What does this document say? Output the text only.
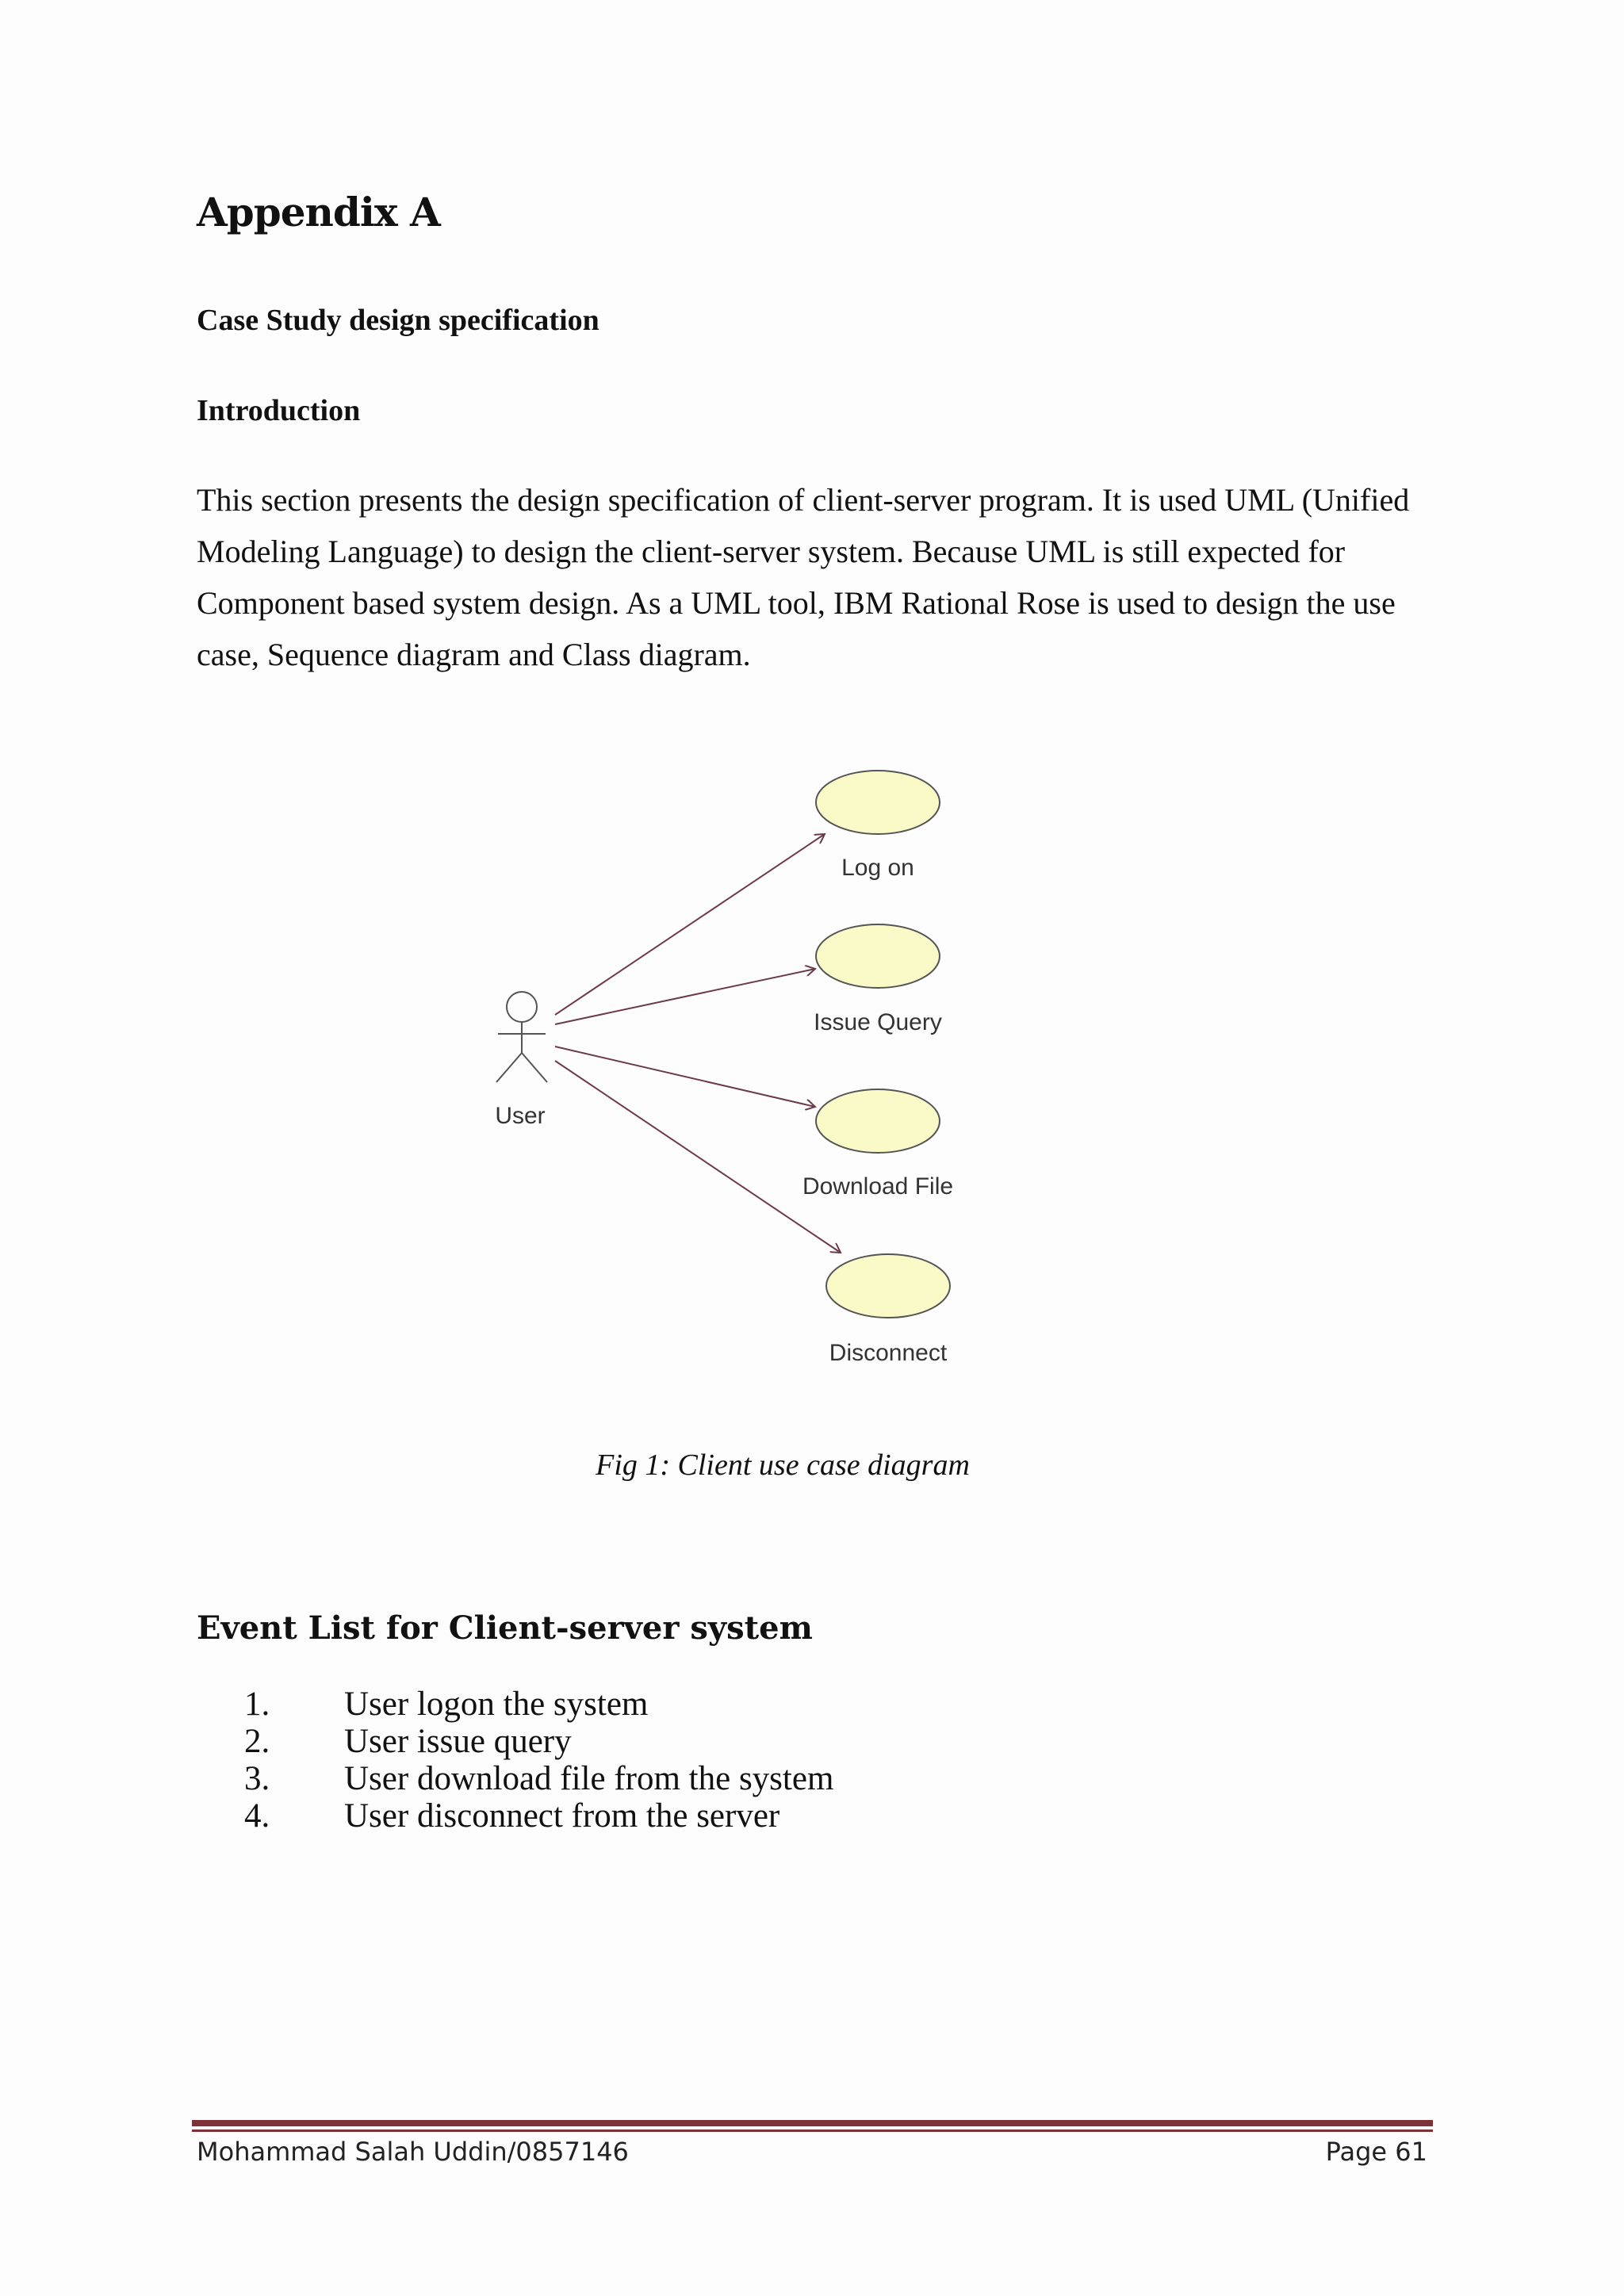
Appendix A
Case Study design specification
Introduction

This section presents the design specification of client-server program. It is used UML (Unified Modeling Language) to design the client-server system. Because UML is still expected for Component based system design. As a UML tool, IBM Rational Rose is used to design the use case, Sequence diagram and Class diagram.

User
Log on
Issue Query
Download File
Disconnect

Fig 1: Client use case diagram

Event List for Client-server system
1. User logon the system
2. User issue query
3. User download file from the system
4. User disconnect from the server

Mohammad Salah Uddin/0857146	Page 61
